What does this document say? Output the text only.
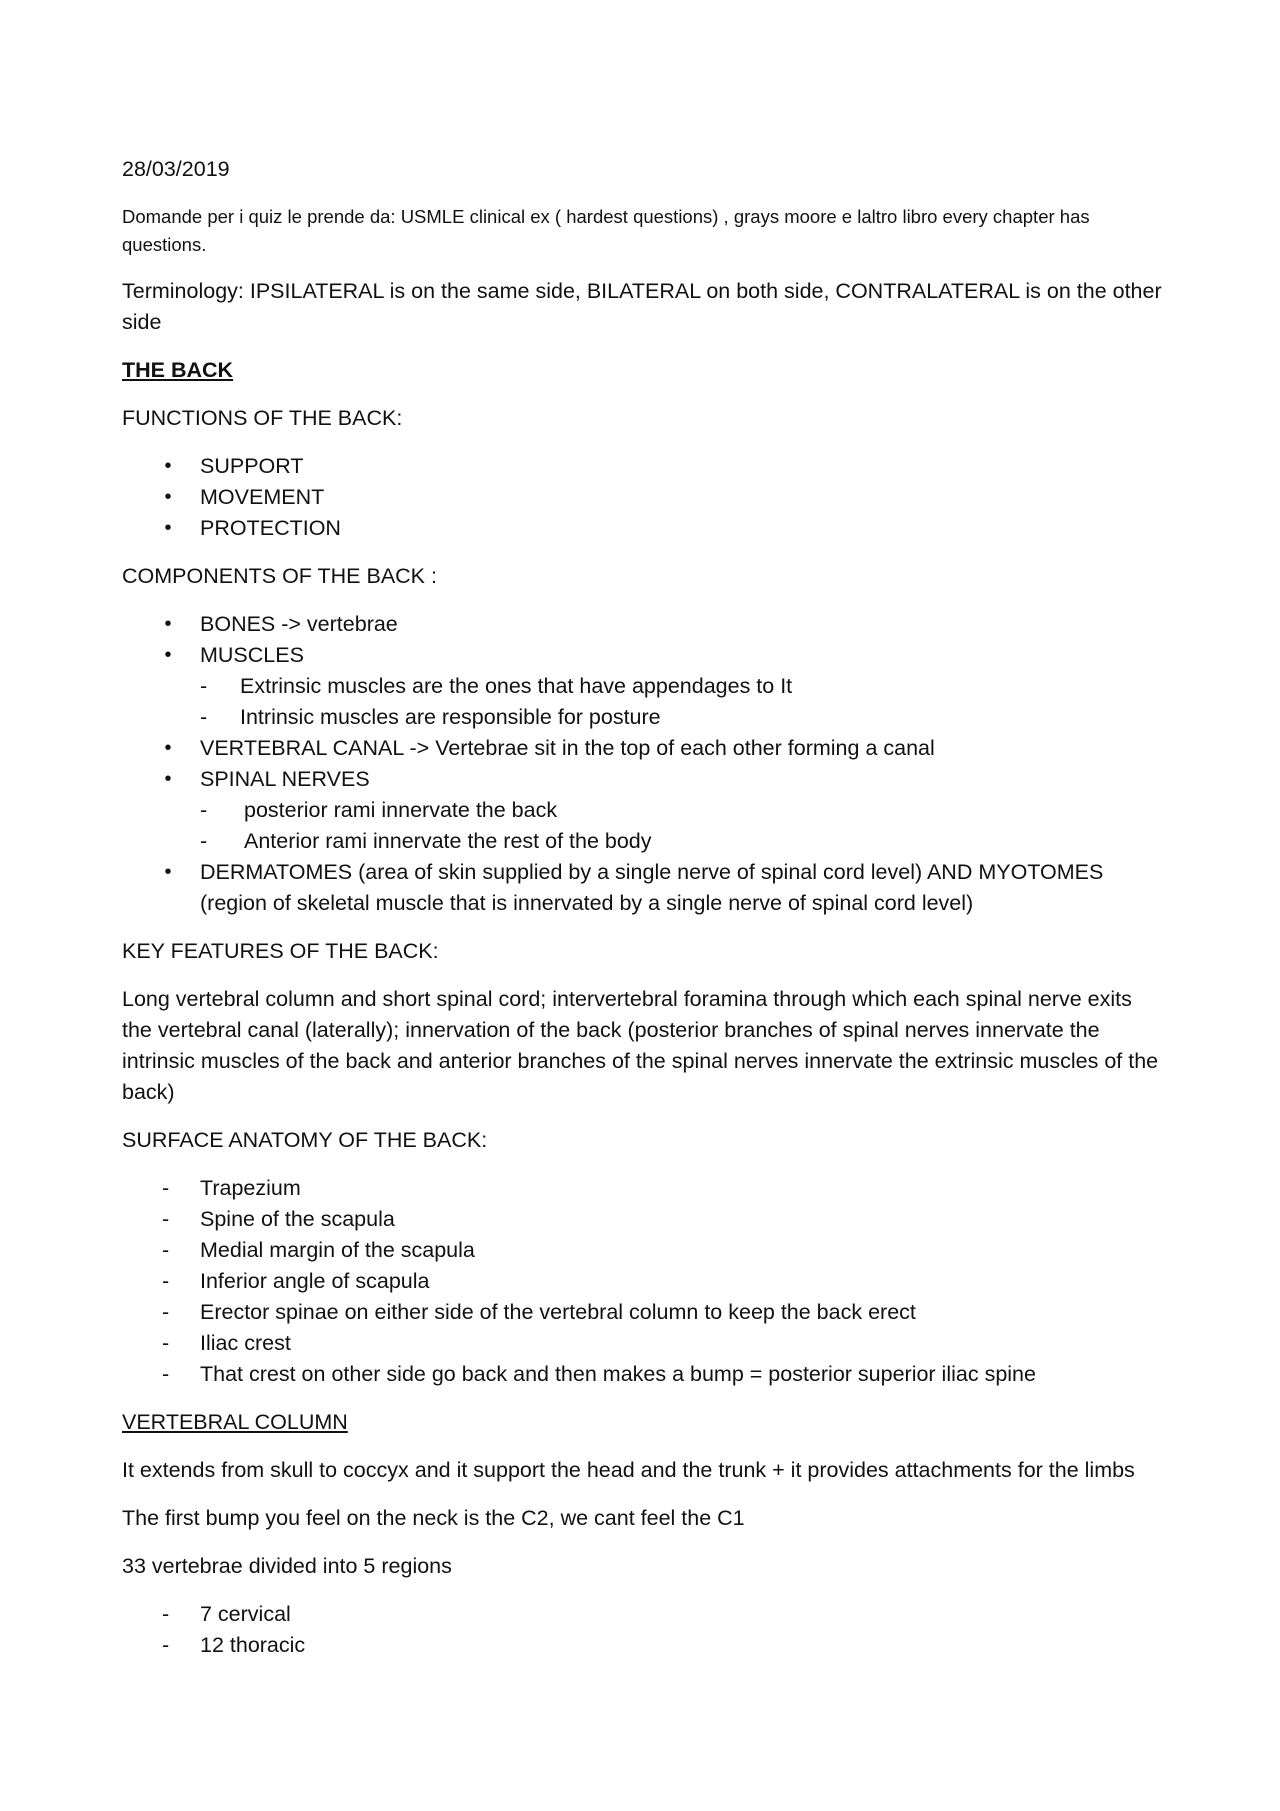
28/03/2019

Domande per i quiz le prende da: USMLE clinical ex ( hardest questions) , grays moore e laltro libro every chapter has questions.

Terminology: IPSILATERAL is on the same side, BILATERAL on both side, CONTRALATERAL is on the other side

THE BACK

FUNCTIONS OF THE BACK:

• SUPPORT
• MOVEMENT
• PROTECTION

COMPONENTS OF THE BACK :

• BONES -> vertebrae
• MUSCLES
- Extrinsic muscles are the ones that have appendages to It
- Intrinsic muscles are responsible for posture
• VERTEBRAL CANAL -> Vertebrae sit in the top of each other forming a canal
• SPINAL NERVES
- posterior rami innervate the back
- Anterior rami innervate the rest of the body
• DERMATOMES (area of skin supplied by a single nerve of spinal cord level) AND MYOTOMES (region of skeletal muscle that is innervated by a single nerve of spinal cord level)

KEY FEATURES OF THE BACK:

Long vertebral column and short spinal cord; intervertebral foramina through which each spinal nerve exits the vertebral canal (laterally); innervation of the back (posterior branches of spinal nerves innervate the intrinsic muscles of the back and anterior branches of the spinal nerves innervate the extrinsic muscles of the back)

SURFACE ANATOMY OF THE BACK:

- Trapezium
- Spine of the scapula
- Medial margin of the scapula
- Inferior angle of scapula
- Erector spinae on either side of the vertebral column to keep the back erect
- Iliac crest
- That crest on other side go back and then makes a bump = posterior superior iliac spine

VERTEBRAL COLUMN

It extends from skull to coccyx and it support the head and the trunk + it provides attachments for the limbs

The first bump you feel on the neck is the C2, we cant feel the C1

33 vertebrae divided into 5 regions

- 7 cervical
- 12 thoracic
